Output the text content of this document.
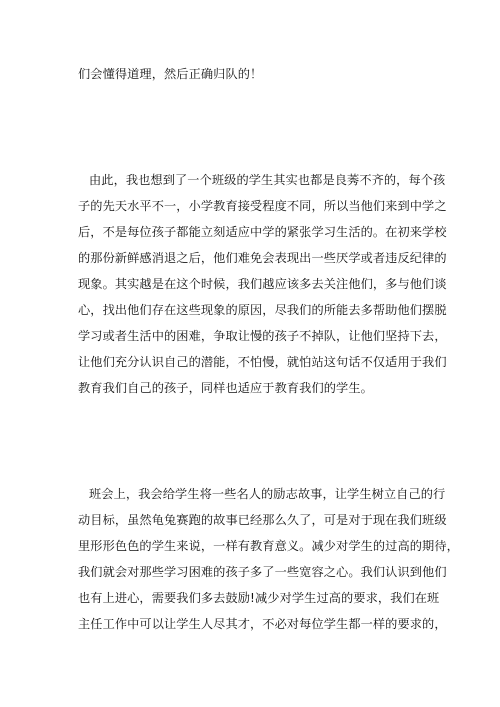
们会懂得道理，然后正确归队的！
由此，我也想到了一个班级的学生其实也都是良莠不齐的，每个孩
子的先天水平不一，小学教育接受程度不同，所以当他们来到中学之
后，不是每位孩子都能立刻适应中学的紧张学习生活的。在初来学校
的那份新鲜感消退之后，他们难免会表现出一些厌学或者违反纪律的
现象。其实越是在这个时候，我们越应该多去关注他们，多与他们谈
心，找出他们存在这些现象的原因，尽我们的所能去多帮助他们摆脱
学习或者生活中的困难，争取让慢的孩子不掉队，让他们坚持下去，
让他们充分认识自己的潜能，不怕慢，就怕站这句话不仅适用于我们
教育我们自己的孩子，同样也适应于教育我们的学生。
班会上，我会给学生将一些名人的励志故事，让学生树立自己的行
动目标，虽然龟兔赛跑的故事已经那么久了，可是对于现在我们班级
里形形色色的学生来说，一样有教育意义。减少对学生的过高的期待，
我们就会对那些学习困难的孩子多了一些宽容之心。我们认识到他们
也有上进心，需要我们多去鼓励!减少对学生过高的要求，我们在班
主任工作中可以让学生人尽其才，不必对每位学生都一样的要求的，
